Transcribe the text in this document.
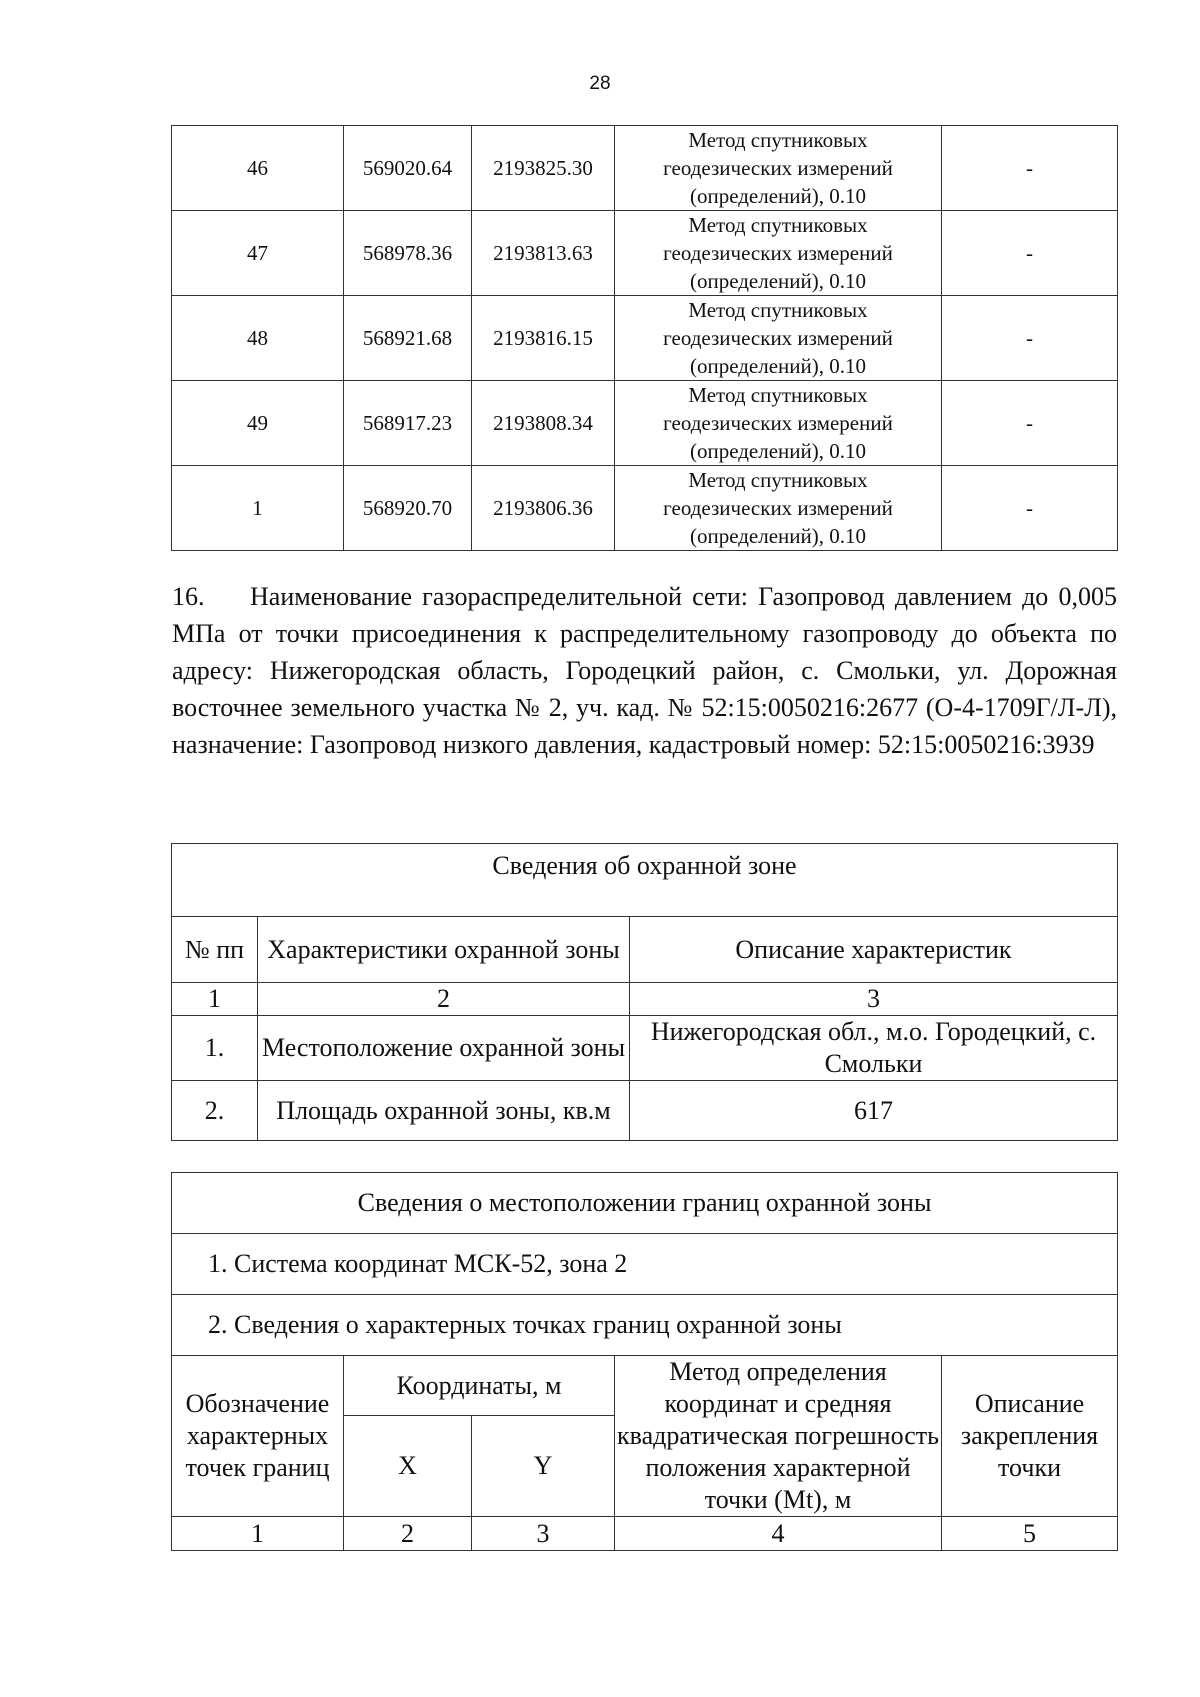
28
46	569020.64	2193825.30	Метод спутниковых
геодезических измерений
(определений), 0.10	-
47	568978.36	2193813.63	Метод спутниковых
геодезических измерений
(определений), 0.10	-
48	568921.68	2193816.15	Метод спутниковых
геодезических измерений
(определений), 0.10	-
49	568917.23	2193808.34	Метод спутниковых
геодезических измерений
(определений), 0.10	-
1	568920.70	2193806.36	Метод спутниковых
геодезических измерений
(определений), 0.10	-

16. Наименование газораспределительной сети: Газопровод давлением до 0,005 МПа от точки присоединения к распределительному газопроводу до объекта по адресу: Нижегородская область, Городецкий район, с. Смольки, ул. Дорожная восточнее земельного участка № 2, уч. кад. № 52:15:0050216:2677 (О-4-1709Г/Л-Л), назначение: Газопровод низкого давления, кадастровый номер: 52:15:0050216:3939

Сведения об охранной зоне		
№ пп	Характеристики охранной зоны	Описание характеристик
1	2	3
1.	Местоположение охранной зоны	Нижегородская обл., м.о. Городецкий, с. Смольки
2.	Площадь охранной зоны, кв.м	617
Сведения о местоположении границ охранной зоны				
1. Система координат МСК-52, зона 2				
2. Сведения о характерных точках границ охранной зоны				
Обозначение характерных точек границ	Координаты, м		Метод определения координат и средняя квадратическая погрешность положения характерной точки (Mt), м	Описание закрепления точки
	X	Y		
1	2	3	4	5
